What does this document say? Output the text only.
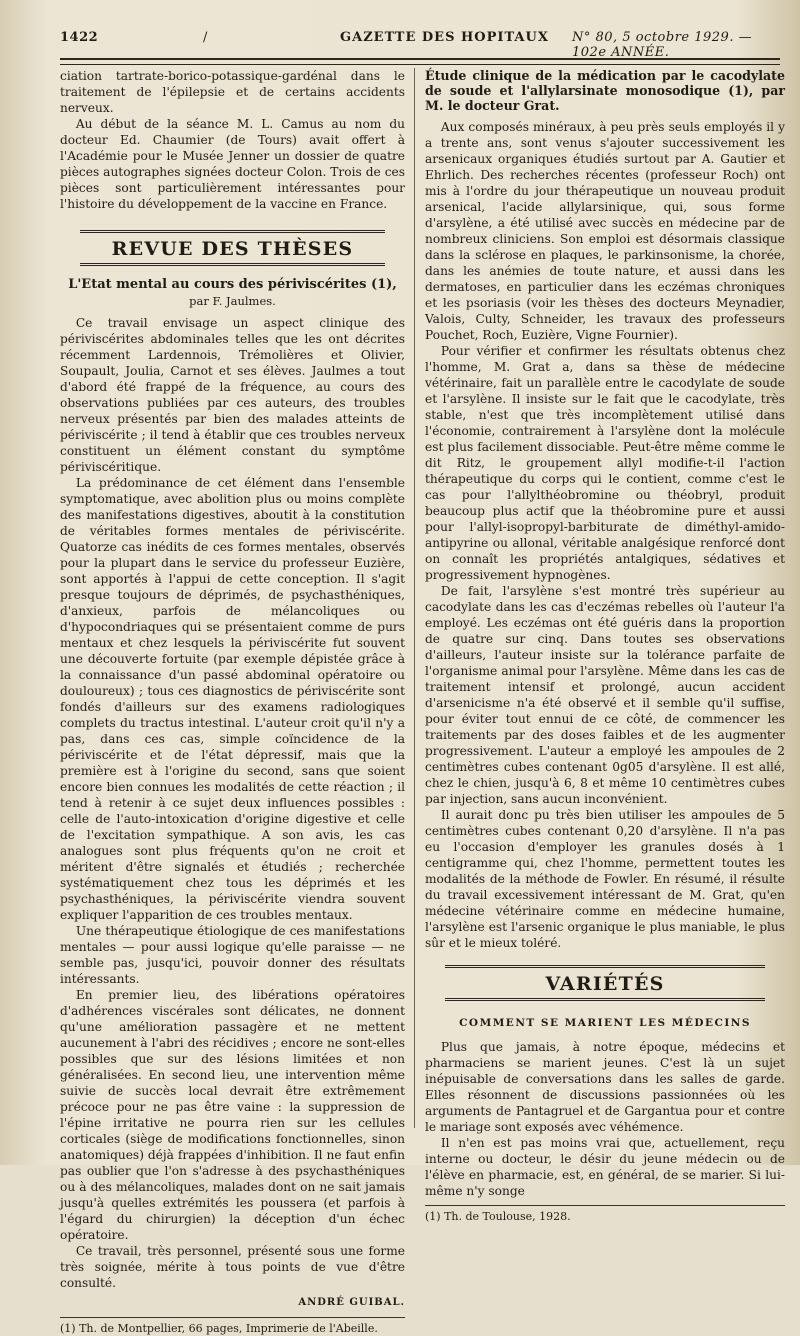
1422	/	GAZETTE DES HOPITAUX N° 80, 5 octobre 1929. — 102e ANNÉE.

ciation tartrate-borico-potassique-gardénal dans le traitement de l'épilepsie et de certains accidents nerveux.

Au début de la séance M. L. Camus au nom du docteur Ed. Chaumier (de Tours) avait offert à l'Académie pour le Musée Jenner un dossier de quatre pièces autographes signées docteur Colon. Trois de ces pièces sont particulièrement intéressantes pour l'histoire du développement de la vaccine en France.

REVUE DES THÈSES
L'Etat mental au cours des périviscérites (1),
par F. Jaulmes.

Ce travail envisage un aspect clinique des périviscérites abdominales telles que les ont décrites récemment Lardennois, Trémolières et Olivier, Soupault, Joulia, Carnot et ses élèves. Jaulmes a tout d'abord été frappé de la fréquence, au cours des observations publiées par ces auteurs, des troubles nerveux présentés par bien des malades atteints de périviscérite ; il tend à établir que ces troubles nerveux constituent un élément constant du symptôme périviscéritique.

La prédominance de cet élément dans l'ensemble symptomatique, avec abolition plus ou moins complète des manifestations digestives, aboutit à la constitution de véritables formes mentales de périviscérite. Quatorze cas inédits de ces formes mentales, observés pour la plupart dans le service du professeur Euzière, sont apportés à l'appui de cette conception. Il s'agit presque toujours de déprimés, de psychasthéniques, d'anxieux, parfois de mélancoliques ou d'hypocondriaques qui se présentaient comme de purs mentaux et chez lesquels la périviscérite fut souvent une découverte fortuite (par exemple dépistée grâce à la connaissance d'un passé abdominal opératoire ou douloureux) ; tous ces diagnostics de périviscérite sont fondés d'ailleurs sur des examens radiologiques complets du tractus intestinal. L'auteur croit qu'il n'y a pas, dans ces cas, simple coïncidence de la périviscérite et de l'état dépressif, mais que la première est à l'origine du second, sans que soient encore bien connues les modalités de cette réaction ; il tend à retenir à ce sujet deux influences possibles : celle de l'auto-intoxication d'origine digestive et celle de l'excitation sympathique. A son avis, les cas analogues sont plus fréquents qu'on ne croit et méritent d'être signalés et étudiés ; recherchée systématiquement chez tous les déprimés et les psychasthéniques, la périviscérite viendra souvent expliquer l'apparition de ces troubles mentaux.

Une thérapeutique étiologique de ces manifestations mentales — pour aussi logique qu'elle paraisse — ne semble pas, jusqu'ici, pouvoir donner des résultats intéressants.

En premier lieu, des libérations opératoires d'adhérences viscérales sont délicates, ne donnent qu'une amélioration passagère et ne mettent aucunement à l'abri des récidives ; encore ne sont-elles possibles que sur des lésions limitées et non généralisées. En second lieu, une intervention même suivie de succès local devrait être extrêmement précoce pour ne pas être vaine : la suppression de l'épine irritative ne pourra rien sur les cellules corticales (siège de modifications fonctionnelles, sinon anatomiques) déjà frappées d'inhibition. Il ne faut enfin pas oublier que l'on s'adresse à des psychasthéniques ou à des mélancoliques, malades dont on ne sait jamais jusqu'à quelles extrémités les poussera (et parfois à l'égard du chirurgien) la déception d'un échec opératoire.

Ce travail, très personnel, présenté sous une forme très soignée, mérite à tous points de vue d'être consulté.

ANDRÉ GUIBAL.
(1) Th. de Montpellier, 66 pages, Imprimerie de l'Abeille.

Étude clinique de la médication par le cacodylate de soude et l'allylarsinate monosodique (1), par M. le docteur Grat.

Aux composés minéraux, à peu près seuls employés il y a trente ans, sont venus s'ajouter successivement les arsenicaux organiques étudiés surtout par A. Gautier et Ehrlich. Des recherches récentes (professeur Roch) ont mis à l'ordre du jour thérapeutique un nouveau produit arsenical, l'acide allylarsinique, qui, sous forme d'arsylène, a été utilisé avec succès en médecine par de nombreux cliniciens. Son emploi est désormais classique dans la sclérose en plaques, le parkinsonisme, la chorée, dans les anémies de toute nature, et aussi dans les dermatoses, en particulier dans les eczémas chroniques et les psoriasis (voir les thèses des docteurs Meynadier, Valois, Culty, Schneider, les travaux des professeurs Pouchet, Roch, Euzière, Vigne Fournier).

Pour vérifier et confirmer les résultats obtenus chez l'homme, M. Grat a, dans sa thèse de médecine vétérinaire, fait un parallèle entre le cacodylate de soude et l'arsylène. Il insiste sur le fait que le cacodylate, très stable, n'est que très incomplètement utilisé dans l'économie, contrairement à l'arsylène dont la molécule est plus facilement dissociable. Peut-être même comme le dit Ritz, le groupement allyl modifie-t-il l'action thérapeutique du corps qui le contient, comme c'est le cas pour l'allylthéobromine ou théobryl, produit beaucoup plus actif que la théobromine pure et aussi pour l'allyl-isopropyl-barbiturate de diméthyl-amido-antipyrine ou allonal, véritable analgésique renforcé dont on connaît les propriétés antalgiques, sédatives et progressivement hypnogènes.

De fait, l'arsylène s'est montré très supérieur au cacodylate dans les cas d'eczémas rebelles où l'auteur l'a employé. Les eczémas ont été guéris dans la proportion de quatre sur cinq. Dans toutes ses observations d'ailleurs, l'auteur insiste sur la tolérance parfaite de l'organisme animal pour l'arsylène. Même dans les cas de traitement intensif et prolongé, aucun accident d'arsenicisme n'a été observé et il semble qu'il suffise, pour éviter tout ennui de ce côté, de commencer les traitements par des doses faibles et de les augmenter progressivement. L'auteur a employé les ampoules de 2 centimètres cubes contenant 0g05 d'arsylène. Il est allé, chez le chien, jusqu'à 6, 8 et même 10 centimètres cubes par injection, sans aucun inconvénient.

Il aurait donc pu très bien utiliser les ampoules de 5 centimètres cubes contenant 0,20 d'arsylène. Il n'a pas eu l'occasion d'employer les granules dosés à 1 centigramme qui, chez l'homme, permettent toutes les modalités de la méthode de Fowler. En résumé, il résulte du travail excessivement intéressant de M. Grat, qu'en médecine vétérinaire comme en médecine humaine, l'arsylène est l'arsenic organique le plus maniable, le plus sûr et le mieux toléré.

VARIÉTÉS
COMMENT SE MARIENT LES MÉDECINS

Plus que jamais, à notre époque, médecins et pharmaciens se marient jeunes. C'est là un sujet inépuisable de conversations dans les salles de garde. Elles résonnent de discussions passionnées où les arguments de Pantagruel et de Gargantua pour et contre le mariage sont exposés avec véhémence.

Il n'en est pas moins vrai que, actuellement, reçu interne ou docteur, le désir du jeune médecin ou de l'élève en pharmacie, est, en général, de se marier. Si lui-même n'y songe

(1) Th. de Toulouse, 1928.
